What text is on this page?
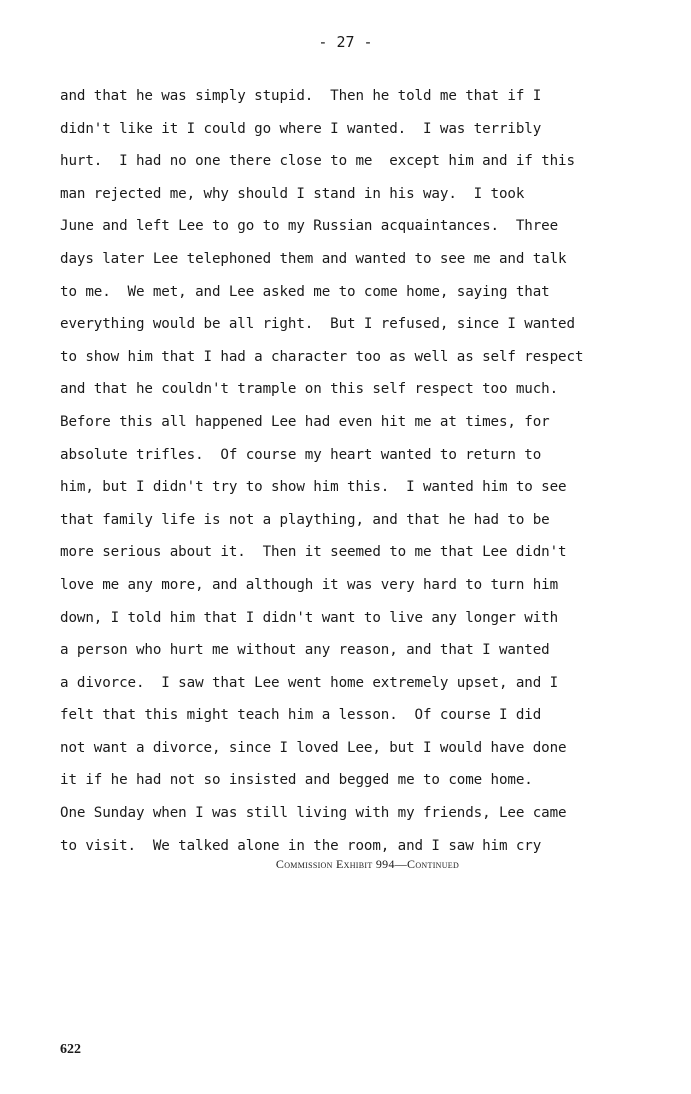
- 27 -
and that he was simply stupid.  Then he told me that if I
didn't like it I could go where I wanted.  I was terribly
hurt.  I had no one there close to me  except him and if this
man rejected me, why should I stand in his way.  I took
June and left Lee to go to my Russian acquaintances.  Three
days later Lee telephoned them and wanted to see me and talk
to me.  We met, and Lee asked me to come home, saying that
everything would be all right.  But I refused, since I wanted
to show him that I had a character too as well as self respect
and that he couldn't trample on this self respect too much.
Before this all happened Lee had even hit me at times, for
absolute trifles.  Of course my heart wanted to return to
him, but I didn't try to show him this.  I wanted him to see
that family life is not a plaything, and that he had to be
more serious about it.  Then it seemed to me that Lee didn't
love me any more, and although it was very hard to turn him
down, I told him that I didn't want to live any longer with
a person who hurt me without any reason, and that I wanted
a divorce.  I saw that Lee went home extremely upset, and I
felt that this might teach him a lesson.  Of course I did
not want a divorce, since I loved Lee, but I would have done
it if he had not so insisted and begged me to come home.
One Sunday when I was still living with my friends, Lee came
to visit.  We talked alone in the room, and I saw him cry
Commission Exhibit 994—Continued
622
